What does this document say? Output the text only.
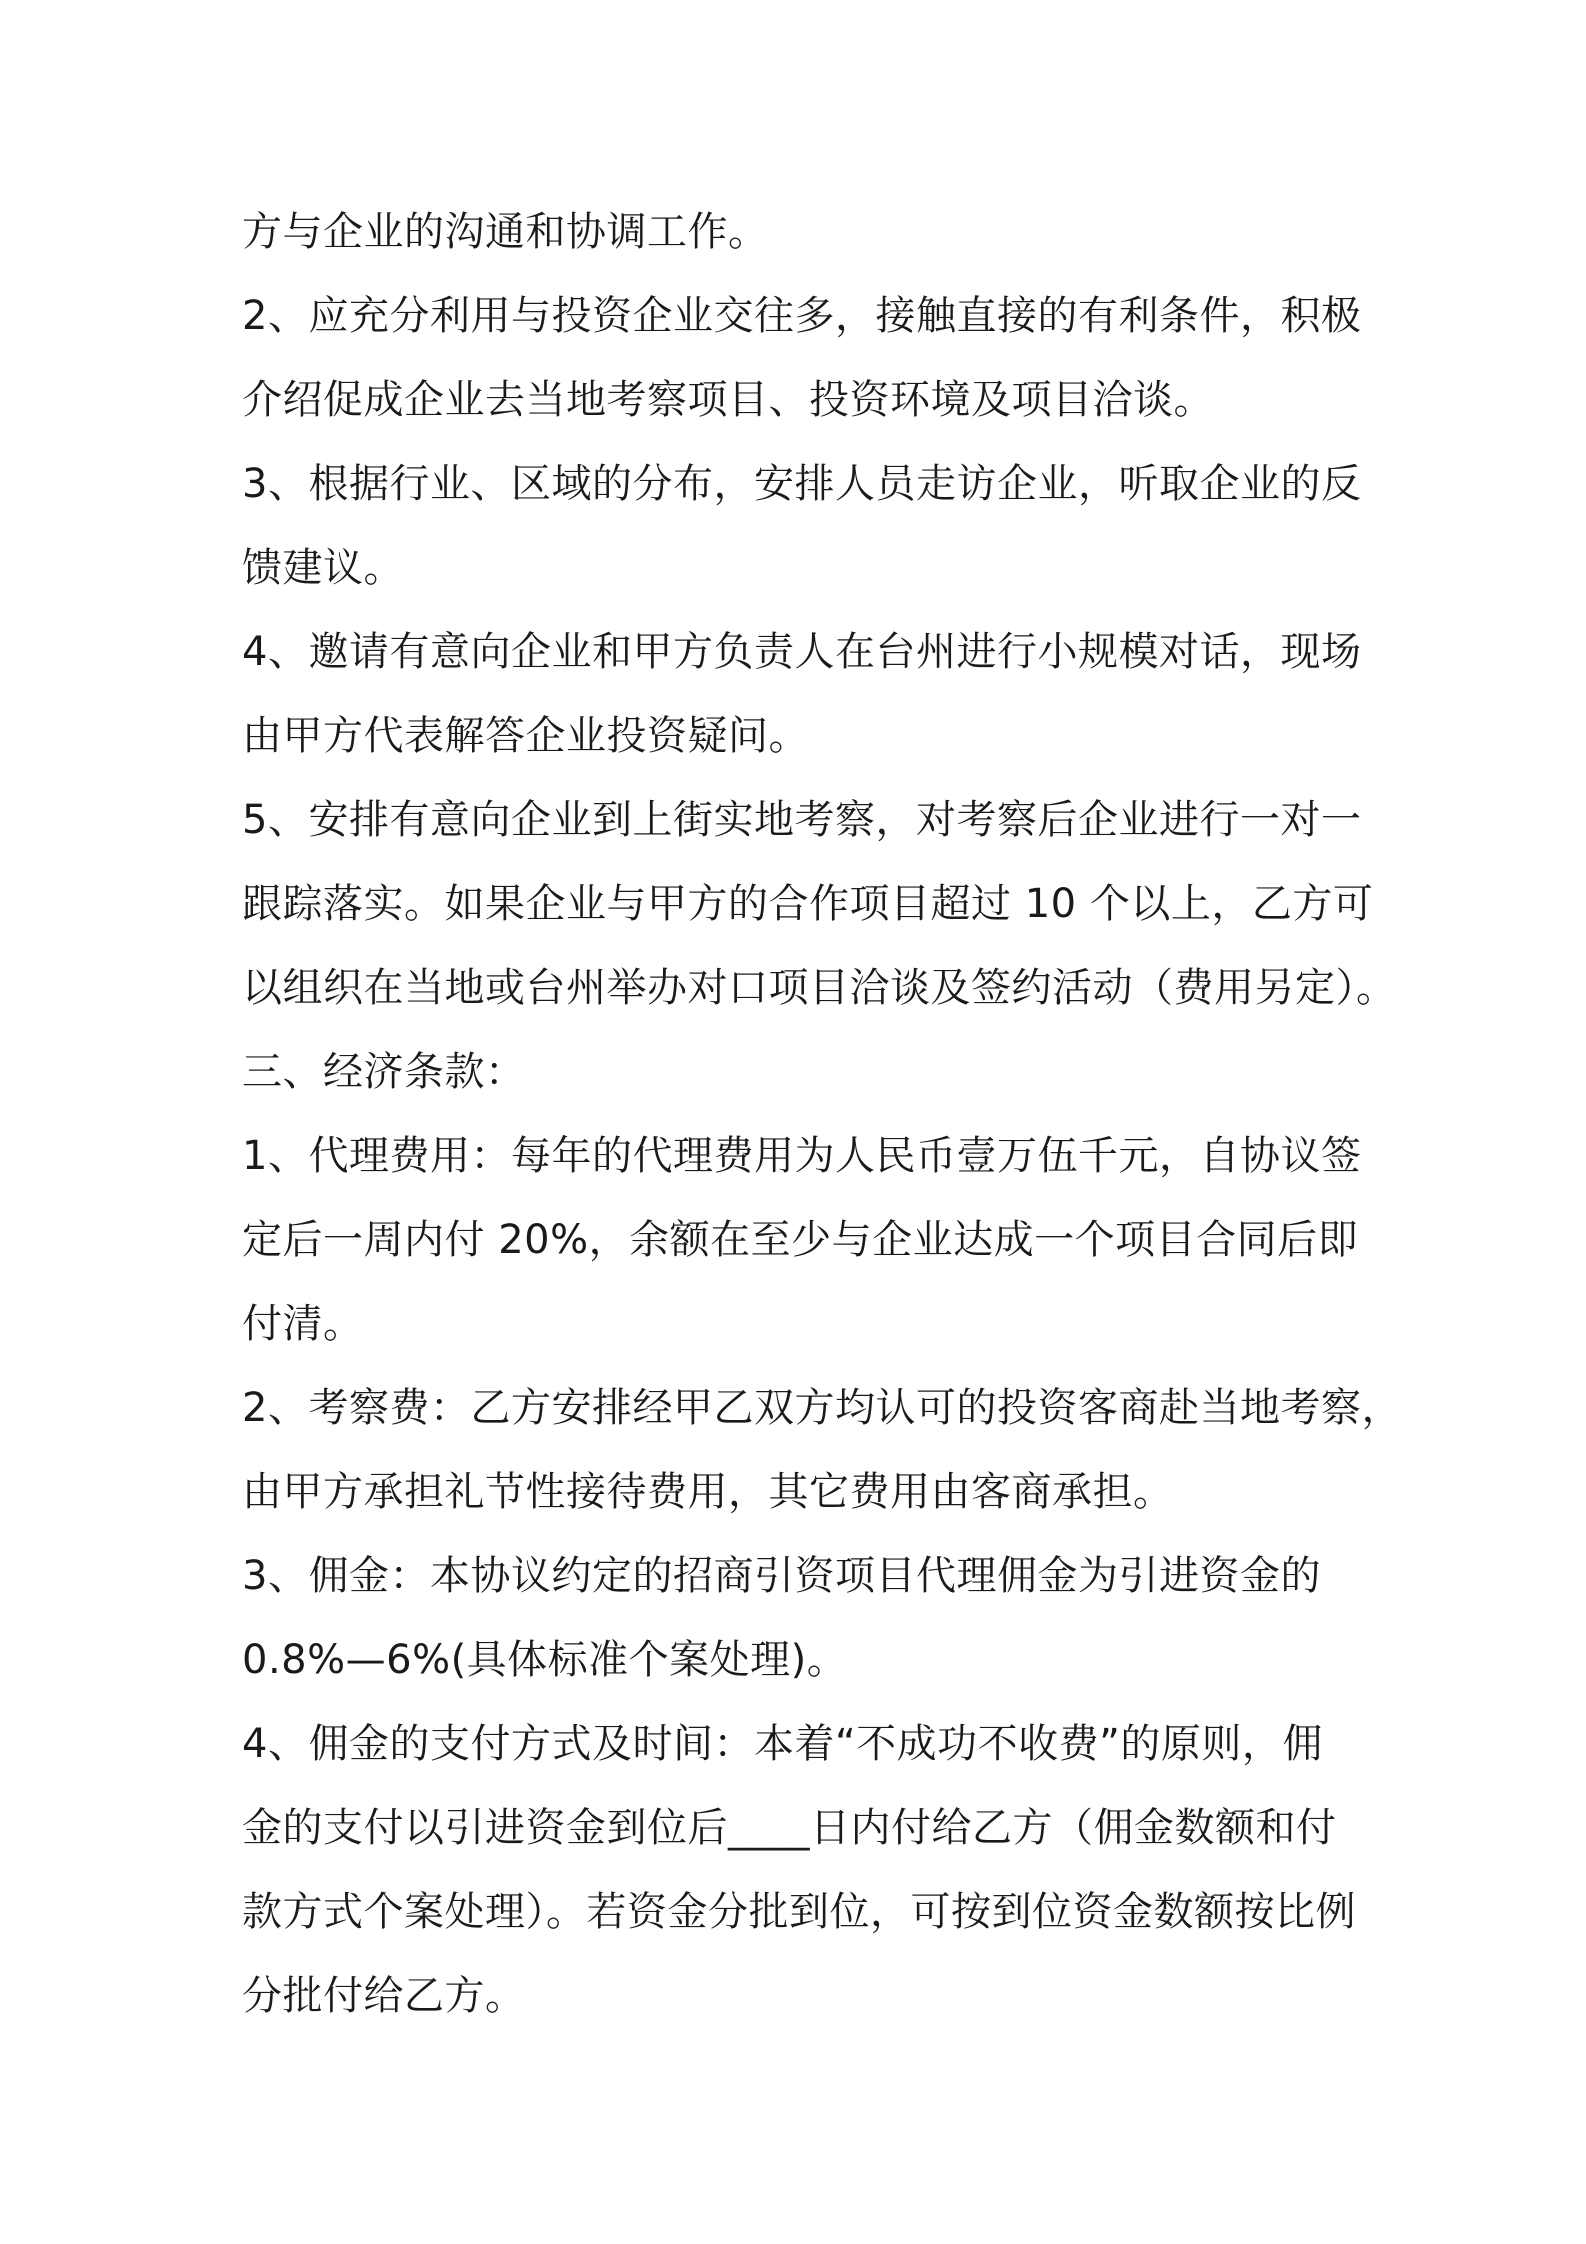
方与企业的沟通和协调工作。
2、应充分利用与投资企业交往多，接触直接的有利条件，积极
介绍促成企业去当地考察项目、投资环境及项目洽谈。
3、根据行业、区域的分布，安排人员走访企业，听取企业的反
馈建议。
4、邀请有意向企业和甲方负责人在台州进行小规模对话，现场
由甲方代表解答企业投资疑问。
5、安排有意向企业到上街实地考察，对考察后企业进行一对一
跟踪落实。如果企业与甲方的合作项目超过 10 个以上，乙方可
以组织在当地或台州举办对口项目洽谈及签约活动（费用另定）。
三、经济条款：
1、代理费用：每年的代理费用为人民币壹万伍千元，自协议签
定后一周内付 20%，余额在至少与企业达成一个项目合同后即
付清。
2、考察费：乙方安排经甲乙双方均认可的投资客商赴当地考察，
由甲方承担礼节性接待费用，其它费用由客商承担。
3、佣金：本协议约定的招商引资项目代理佣金为引进资金的
0.8%—6%(具体标准个案处理)。
4、佣金的支付方式及时间：本着“不成功不收费”的原则，佣
金的支付以引进资金到位后____日内付给乙方（佣金数额和付
款方式个案处理）。若资金分批到位，可按到位资金数额按比例
分批付给乙方。
